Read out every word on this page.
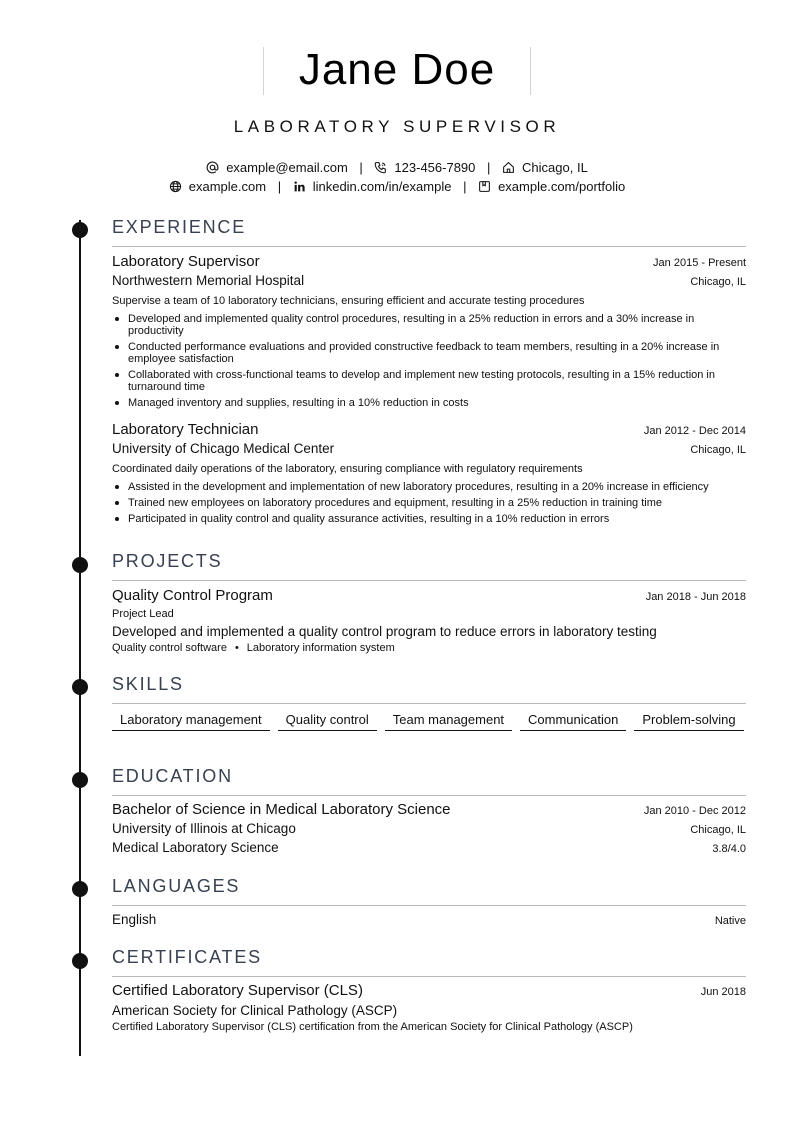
Jane Doe
LABORATORY SUPERVISOR
example@email.com | 123-456-7890 | Chicago, IL
example.com | linkedin.com/in/example | example.com/portfolio
EXPERIENCE
Laboratory Supervisor	Jan 2015 - Present
Northwestern Memorial Hospital	Chicago, IL
Supervise a team of 10 laboratory technicians, ensuring efficient and accurate testing procedures
Developed and implemented quality control procedures, resulting in a 25% reduction in errors and a 30% increase in productivity
Conducted performance evaluations and provided constructive feedback to team members, resulting in a 20% increase in employee satisfaction
Collaborated with cross-functional teams to develop and implement new testing protocols, resulting in a 15% reduction in turnaround time
Managed inventory and supplies, resulting in a 10% reduction in costs
Laboratory Technician	Jan 2012 - Dec 2014
University of Chicago Medical Center	Chicago, IL
Coordinated daily operations of the laboratory, ensuring compliance with regulatory requirements
Assisted in the development and implementation of new laboratory procedures, resulting in a 20% increase in efficiency
Trained new employees on laboratory procedures and equipment, resulting in a 25% reduction in training time
Participated in quality control and quality assurance activities, resulting in a 10% reduction in errors
PROJECTS
Quality Control Program	Jan 2018 - Jun 2018
Project Lead
Developed and implemented a quality control program to reduce errors in laboratory testing
Quality control software • Laboratory information system
SKILLS
Laboratory management	Quality control	Team management	Communication	Problem-solving
EDUCATION
Bachelor of Science in Medical Laboratory Science	Jan 2010 - Dec 2012
University of Illinois at Chicago	Chicago, IL
Medical Laboratory Science	3.8/4.0
LANGUAGES
English	Native
CERTIFICATES
Certified Laboratory Supervisor (CLS)	Jun 2018
American Society for Clinical Pathology (ASCP)
Certified Laboratory Supervisor (CLS) certification from the American Society for Clinical Pathology (ASCP)
